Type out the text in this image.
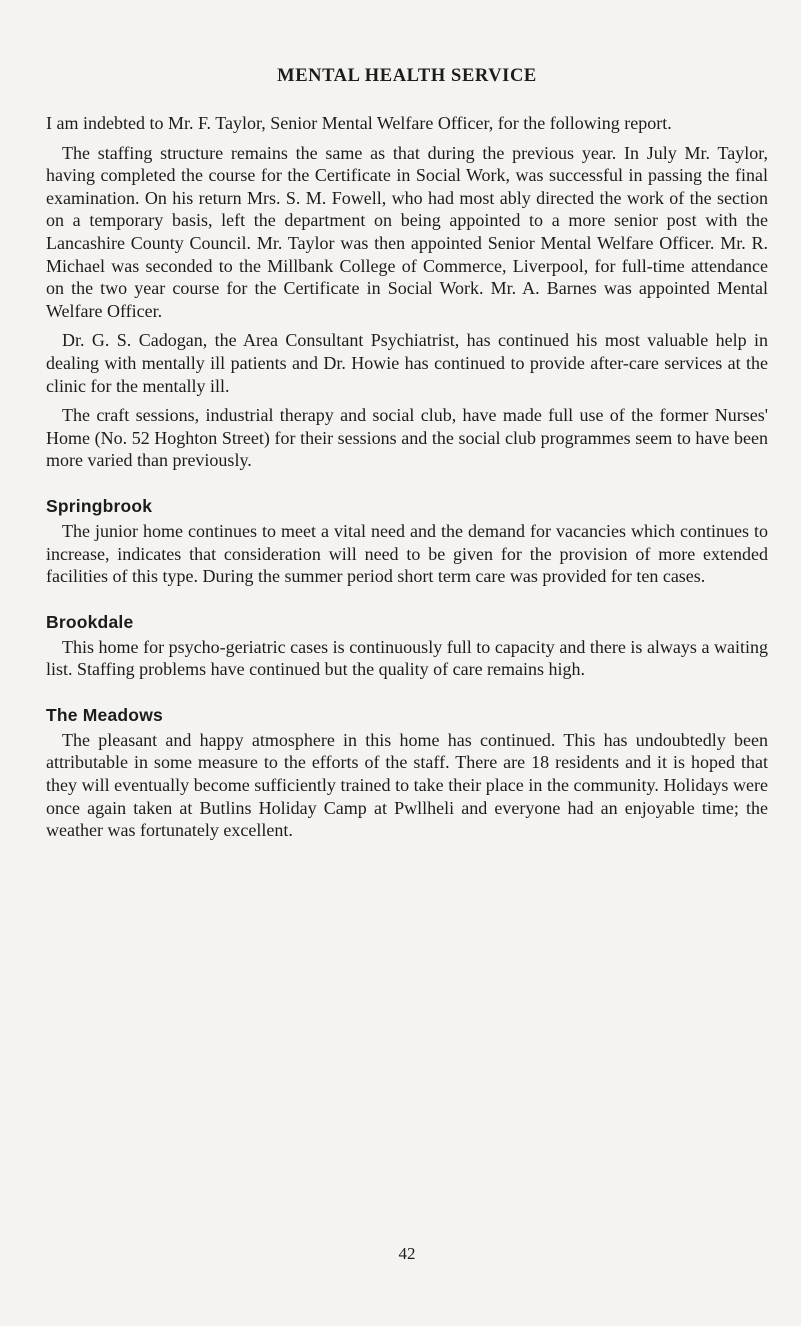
MENTAL HEALTH SERVICE

I am indebted to Mr. F. Taylor, Senior Mental Welfare Officer, for the following report.

The staffing structure remains the same as that during the previous year. In July Mr. Taylor, having completed the course for the Certificate in Social Work, was successful in passing the final examination. On his return Mrs. S. M. Fowell, who had most ably directed the work of the section on a temporary basis, left the department on being appointed to a more senior post with the Lancashire County Council. Mr. Taylor was then appointed Senior Mental Welfare Officer. Mr. R. Michael was seconded to the Millbank College of Commerce, Liverpool, for full-time attendance on the two year course for the Certificate in Social Work. Mr. A. Barnes was appointed Mental Welfare Officer.

Dr. G. S. Cadogan, the Area Consultant Psychiatrist, has continued his most valuable help in dealing with mentally ill patients and Dr. Howie has continued to provide after-care services at the clinic for the mentally ill.

The craft sessions, industrial therapy and social club, have made full use of the former Nurses' Home (No. 52 Hoghton Street) for their sessions and the social club programmes seem to have been more varied than previously.

Springbrook

The junior home continues to meet a vital need and the demand for vacancies which continues to increase, indicates that consideration will need to be given for the provision of more extended facilities of this type. During the summer period short term care was provided for ten cases.

Brookdale

This home for psycho-geriatric cases is continuously full to capacity and there is always a waiting list. Staffing problems have continued but the quality of care remains high.

The Meadows

The pleasant and happy atmosphere in this home has continued. This has undoubtedly been attributable in some measure to the efforts of the staff. There are 18 residents and it is hoped that they will eventually become sufficiently trained to take their place in the community. Holidays were once again taken at Butlins Holiday Camp at Pwllheli and everyone had an enjoyable time; the weather was fortunately excellent.

42
